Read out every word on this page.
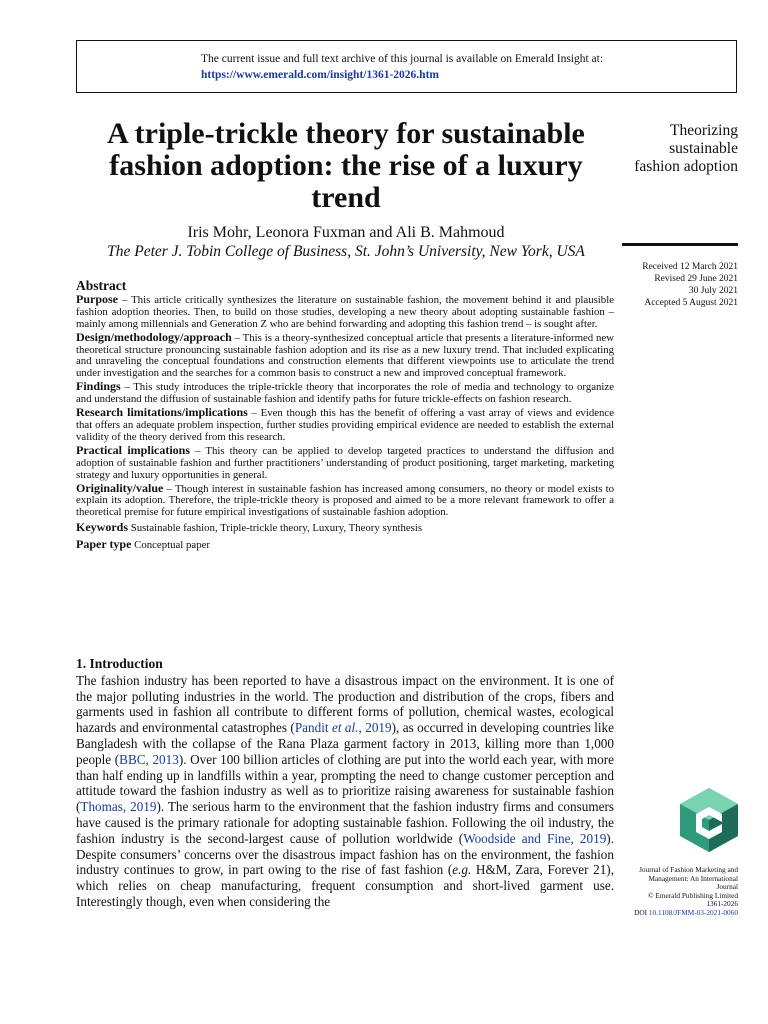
The current issue and full text archive of this journal is available on Emerald Insight at:
https://www.emerald.com/insight/1361-2026.htm
A triple-trickle theory for sustainable fashion adoption: the rise of a luxury trend
Iris Mohr, Leonora Fuxman and Ali B. Mahmoud
The Peter J. Tobin College of Business, St. John’s University, New York, USA
Theorizing sustainable fashion adoption
Received 12 March 2021
Revised 29 June 2021
30 July 2021
Accepted 5 August 2021
Abstract

Purpose – This article critically synthesizes the literature on sustainable fashion, the movement behind it and plausible fashion adoption theories. Then, to build on those studies, developing a new theory about adopting sustainable fashion – mainly among millennials and Generation Z who are behind forwarding and adopting this fashion trend – is sought after.

Design/methodology/approach – This is a theory-synthesized conceptual article that presents a literature-informed new theoretical structure pronouncing sustainable fashion adoption and its rise as a new luxury trend. That included explicating and unraveling the conceptual foundations and construction elements that different viewpoints use to articulate the trend under investigation and the searches for a common basis to construct a new and improved conceptual framework.

Findings – This study introduces the triple-trickle theory that incorporates the role of media and technology to organize and understand the diffusion of sustainable fashion and identify paths for future trickle-effects on fashion research.

Research limitations/implications – Even though this has the benefit of offering a vast array of views and evidence that offers an adequate problem inspection, further studies providing empirical evidence are needed to establish the external validity of the theory derived from this research.

Practical implications – This theory can be applied to develop targeted practices to understand the diffusion and adoption of sustainable fashion and further practitioners’ understanding of product positioning, target marketing, marketing strategy and luxury opportunities in general.

Originality/value – Though interest in sustainable fashion has increased among consumers, no theory or model exists to explain its adoption. Therefore, the triple-trickle theory is proposed and aimed to be a more relevant framework to offer a theoretical premise for future empirical investigations of sustainable fashion adoption.

Keywords Sustainable fashion, Triple-trickle theory, Luxury, Theory synthesis

Paper type Conceptual paper

1. Introduction

The fashion industry has been reported to have a disastrous impact on the environment. It is one of the major polluting industries in the world. The production and distribution of the crops, fibers and garments used in fashion all contribute to different forms of pollution, chemical wastes, ecological hazards and environmental catastrophes (Pandit et al., 2019), as occurred in developing countries like Bangladesh with the collapse of the Rana Plaza garment factory in 2013, killing more than 1,000 people (BBC, 2013). Over 100 billion articles of clothing are put into the world each year, with more than half ending up in landfills within a year, prompting the need to change customer perception and attitude toward the fashion industry as well as to prioritize raising awareness for sustainable fashion (Thomas, 2019). The serious harm to the environment that the fashion industry firms and consumers have caused is the primary rationale for adopting sustainable fashion. Following the oil industry, the fashion industry is the second-largest cause of pollution worldwide (Woodside and Fine, 2019). Despite consumers’ concerns over the disastrous impact fashion has on the environment, the fashion industry continues to grow, in part owing to the rise of fast fashion (e.g. H&M, Zara, Forever 21), which relies on cheap manufacturing, frequent consumption and short-lived garment use. Interestingly though, even when considering the

Journal of Fashion Marketing and
Management: An International
Journal
© Emerald Publishing Limited
1361-2026
DOI 10.1108/JFMM-03-2021-0060
